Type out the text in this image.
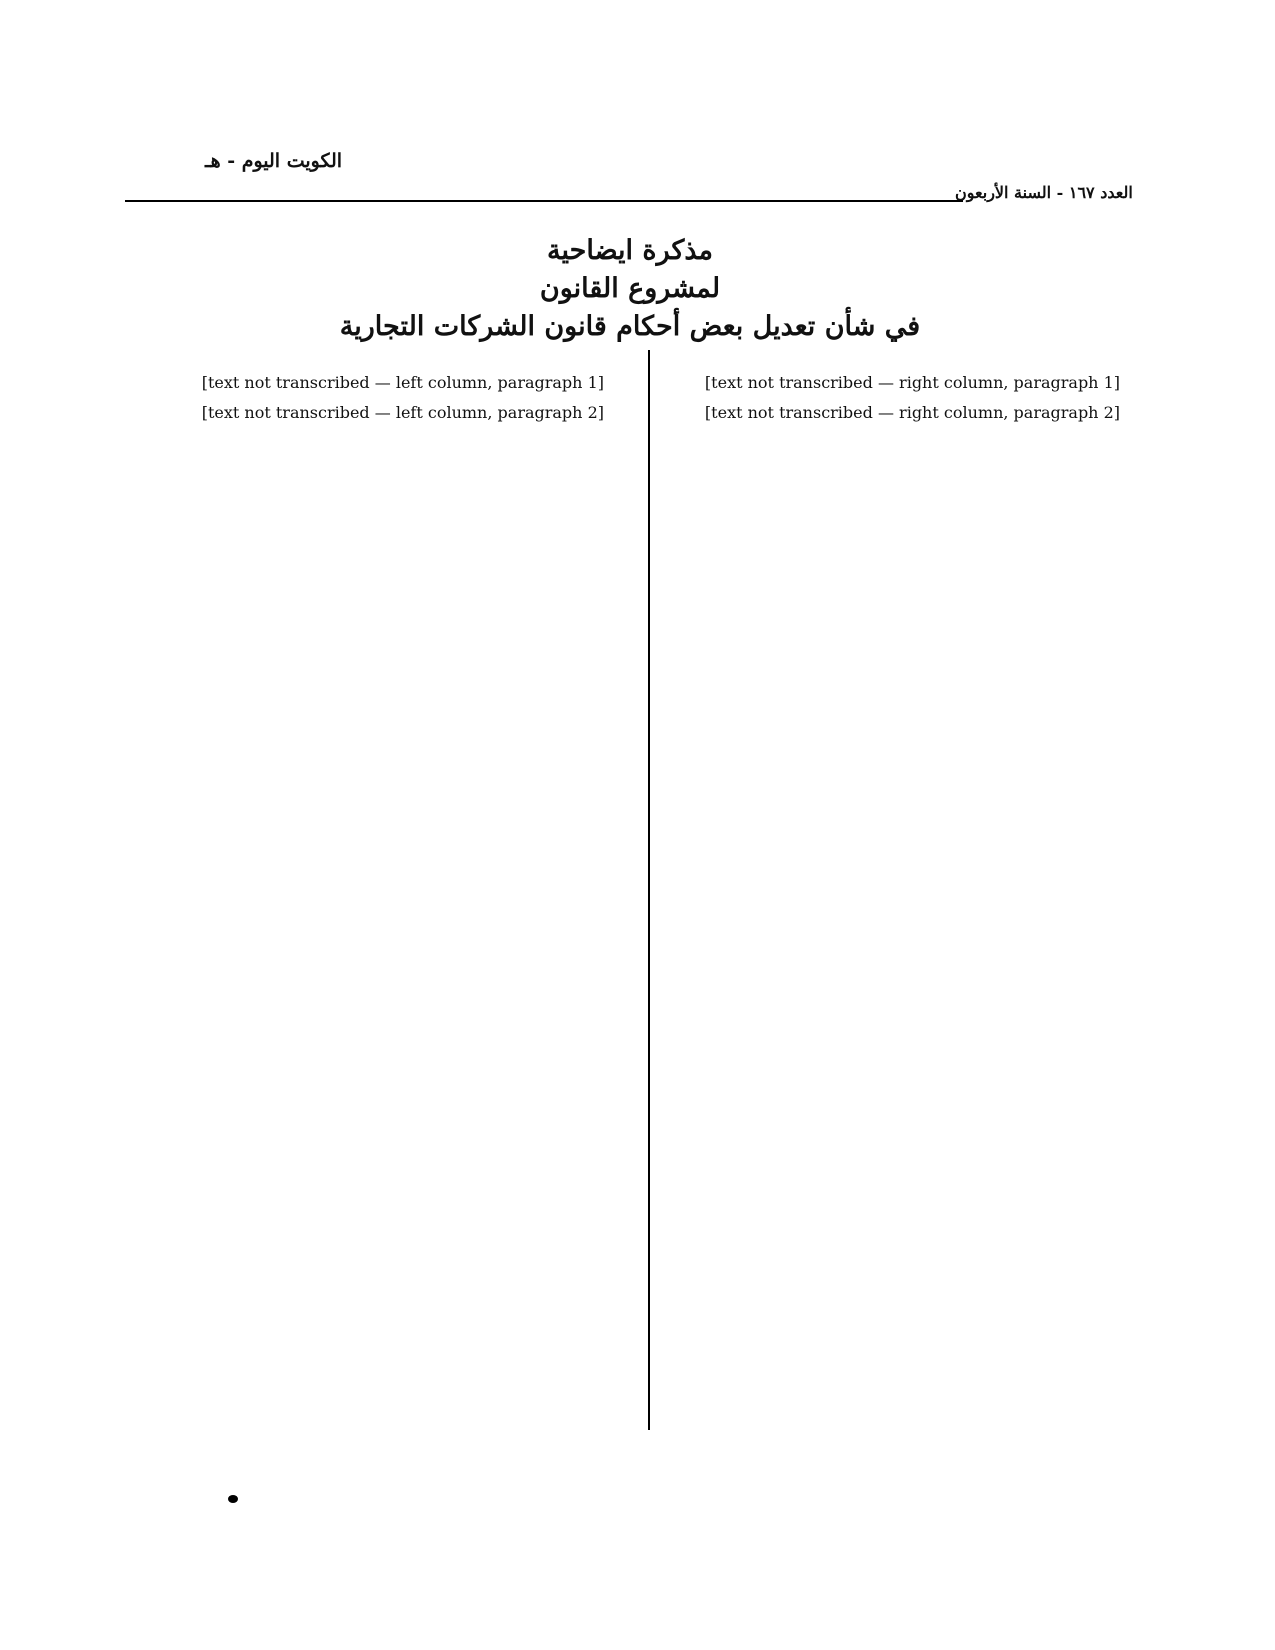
الكويت اليوم - هـ
العدد ١٦٧ - السنة الأربعون
مذكرة ايضاحية
لمشروع القانون
في شأن تعديل بعض أحكام قانون الشركات التجارية

[text not transcribed — right column, paragraph 1]

[text not transcribed — right column, paragraph 2]

[text not transcribed — left column, paragraph 1]

[text not transcribed — left column, paragraph 2]
